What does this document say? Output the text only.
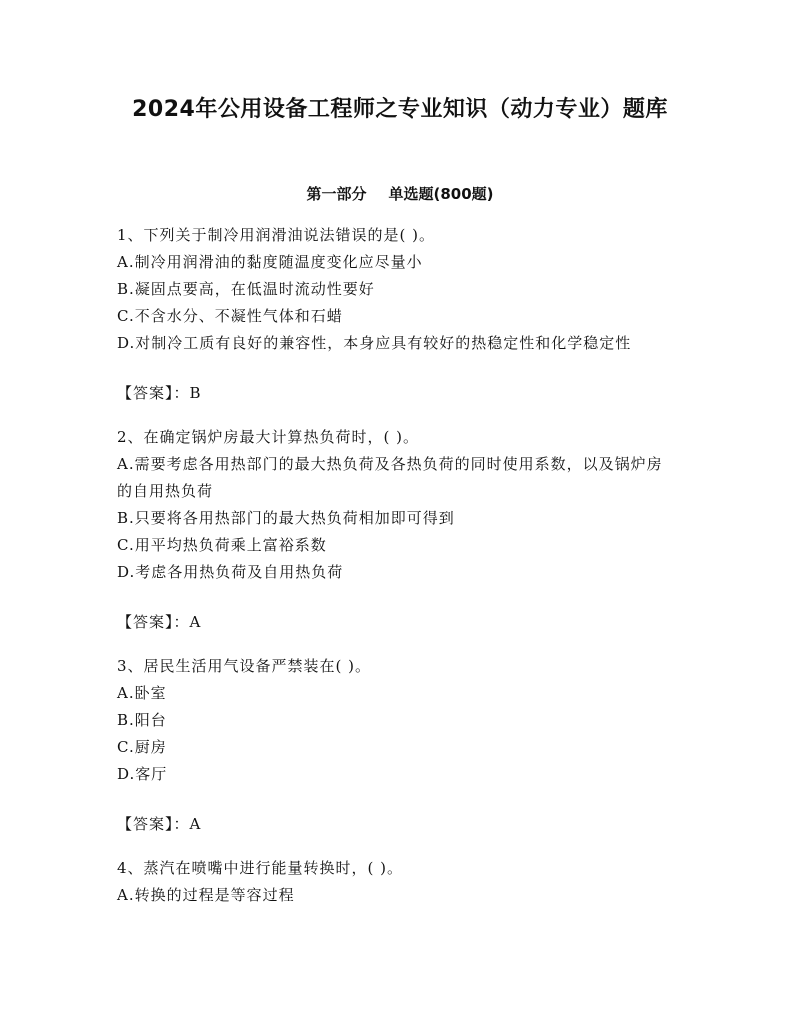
2024年公用设备工程师之专业知识（动力专业）题库
第一部分 单选题(800题)
1、下列关于制冷用润滑油说法错误的是( )。
A.制冷用润滑油的黏度随温度变化应尽量小
B.凝固点要高，在低温时流动性要好
C.不含水分、不凝性气体和石蜡
D.对制冷工质有良好的兼容性，本身应具有较好的热稳定性和化学稳定性
【答案】：B
2、在确定锅炉房最大计算热负荷时，( )。
A.需要考虑各用热部门的最大热负荷及各热负荷的同时使用系数，以及锅炉房的自用热负荷
B.只要将各用热部门的最大热负荷相加即可得到
C.用平均热负荷乘上富裕系数
D.考虑各用热负荷及自用热负荷
【答案】：A
3、居民生活用气设备严禁装在( )。
A.卧室
B.阳台
C.厨房
D.客厅
【答案】：A
4、蒸汽在喷嘴中进行能量转换时，( )。
A.转换的过程是等容过程
